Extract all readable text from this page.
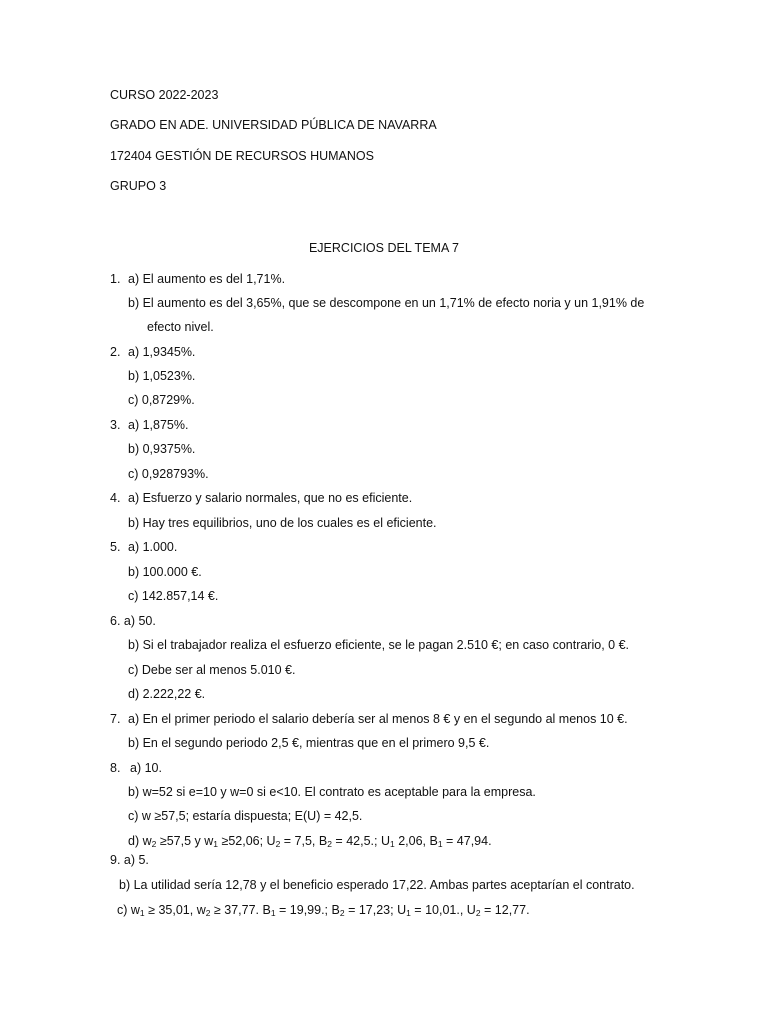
CURSO 2022-2023
GRADO EN ADE. UNIVERSIDAD PÚBLICA DE NAVARRA
172404 GESTIÓN DE RECURSOS HUMANOS
GRUPO 3
EJERCICIOS DEL TEMA 7
1. a) El aumento es del 1,71%.
b) El aumento es del 3,65%, que se descompone en un 1,71% de efecto noria y un 1,91% de
efecto nivel.
2. a) 1,9345%.
b) 1,0523%.
c) 0,8729%.
3. a) 1,875%.
b) 0,9375%.
c) 0,928793%.
4. a) Esfuerzo y salario normales, que no es eficiente.
b) Hay tres equilibrios, uno de los cuales es el eficiente.
5. a) 1.000.
b) 100.000 €.
c) 142.857,14 €.
6. a) 50.
b) Si el trabajador realiza el esfuerzo eficiente, se le pagan 2.510 €; en caso contrario, 0 €.
c) Debe ser al menos 5.010 €.
d) 2.222,22 €.
7. a) En el primer periodo el salario debería ser al menos 8 € y en el segundo al menos 10 €.
b) En el segundo periodo 2,5 €, mientras que en el primero 9,5 €.
8. a) 10.
b) w=52 si e=10 y w=0 si e<10. El contrato es aceptable para la empresa.
c) w ≥57,5; estaría dispuesta; E(U) = 42,5.
d) $w_2 \ge 57,5$ y $w_1 \ge 52,06$; $U_2 = 7,5$, $B_2 = 42,5$.; $U_1$ 2,06, $B_1 = 47,94$.
9. a) 5.
b) La utilidad sería 12,78 y el beneficio esperado 17,22. Ambas partes aceptarían el contrato.
c) $w_1 \ge 35,01$, $w_2 \ge 37,77$. $B_1 = 19,99$.; $B_2 = 17,23$; $U_1 = 10,01$., $U_2 = 12,77$.
